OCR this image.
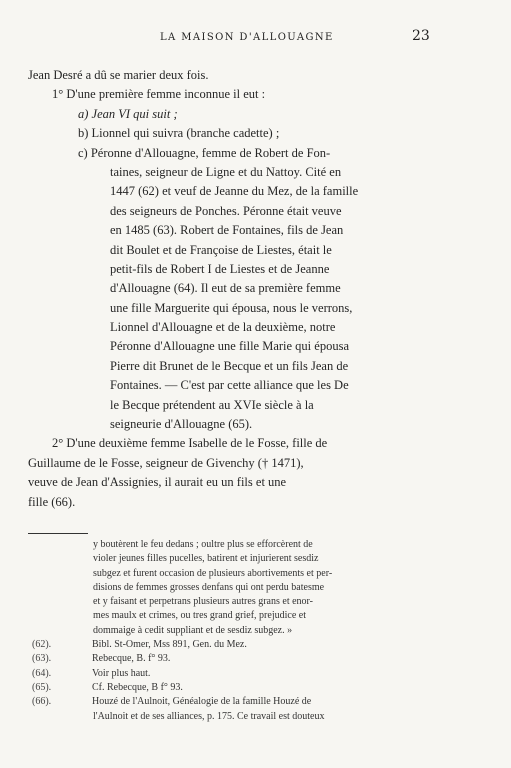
LA MAISON D'ALLOUAGNE	23
Jean Desré a dû se marier deux fois.
1° D'une première femme inconnue il eut :
a) Jean VI qui suit ;
b) Lionnel qui suivra (branche cadette) ;
c) Péronne d'Allouagne, femme de Robert de Fon-
taines, seigneur de Ligne et du Nattoy. Cité en
1447 (62) et veuf de Jeanne du Mez, de la famille
des seigneurs de Ponches. Péronne était veuve
en 1485 (63). Robert de Fontaines, fils de Jean
dit Boulet et de Françoise de Liestes, était le
petit-fils de Robert I de Liestes et de Jeanne
d'Allouagne (64). Il eut de sa première femme
une fille Marguerite qui épousa, nous le verrons,
Lionnel d'Allouagne et de la deuxième, notre
Péronne d'Allouagne une fille Marie qui épousa
Pierre dit Brunet de le Becque et un fils Jean de
Fontaines. — C'est par cette alliance que les De
le Becque prétendent au XVIe siècle à la
seigneurie d'Allouagne (65).
2° D'une deuxième femme Isabelle de le Fosse, fille de
Guillaume de le Fosse, seigneur de Givenchy († 1471),
veuve de Jean d'Assignies, il aurait eu un fils et une
fille (66).
y boutèrent le feu dedans ; oultre plus se efforcèrent de
violer jeunes filles pucelles, batirent et injurierent sesdiz
subgez et furent occasion de plusieurs abortivements et per-
disions de femmes grosses denfans qui ont perdu batesme
et y faisant et perpetrans plusieurs autres grans et enor-
mes maulx et crimes, ou tres grand grief, prejudice et
dommaige à cedit suppliant et de sesdiz subgez. »
(62).	Bibl. St-Omer, Mss 891, Gen. du Mez.
(63).	Rebecque, B. f° 93.
(64).	Voir plus haut.
(65).	Cf. Rebecque, B f° 93.
(66).	Houzé de l'Aulnoit, Généalogie de la famille Houzé de
l'Aulnoit et de ses alliances, p. 175. Ce travail est douteux
